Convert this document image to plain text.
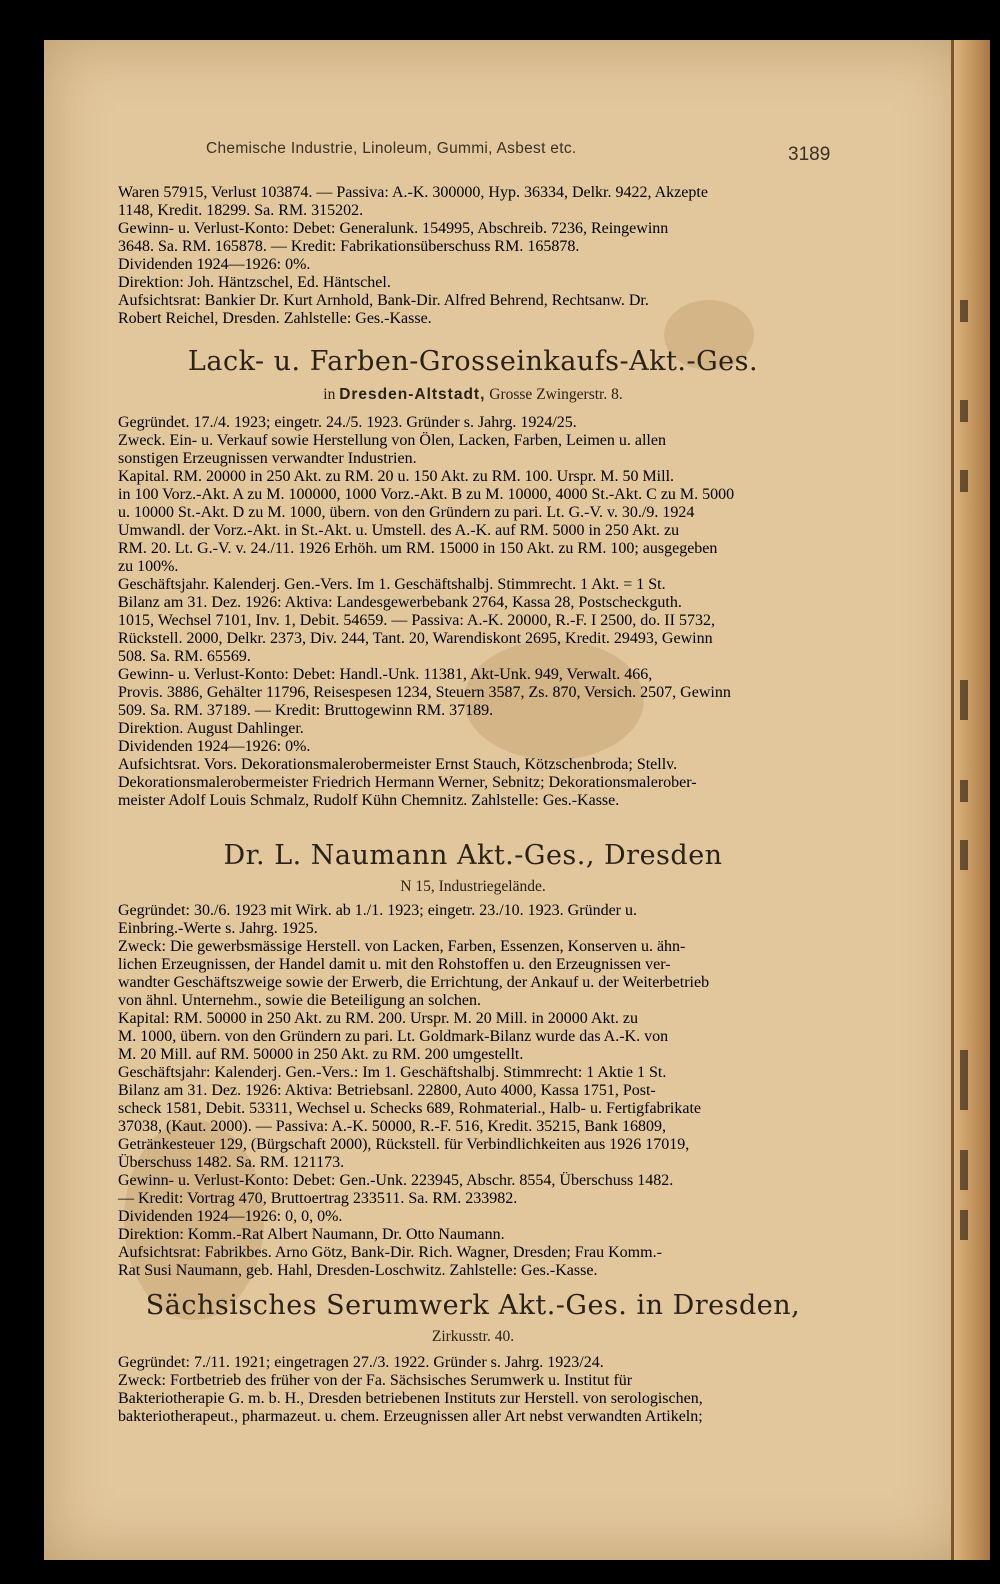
Chemische Industrie, Linoleum, Gummi, Asbest etc.	3189

Waren 57915, Verlust 103874. — Passiva: A.-K. 300000, Hyp. 36334, Delkr. 9422, Akzepte

1148, Kredit. 18299. Sa. RM. 315202.

Gewinn- u. Verlust-Konto: Debet: Generalunk. 154995, Abschreib. 7236, Reingewinn

3648. Sa. RM. 165878. — Kredit: Fabrikationsüberschuss RM. 165878.

Dividenden 1924—1926: 0%.

Direktion: Joh. Häntzschel, Ed. Häntschel.

Aufsichtsrat: Bankier Dr. Kurt Arnhold, Bank-Dir. Alfred Behrend, Rechtsanw. Dr.

Robert Reichel, Dresden. Zahlstelle: Ges.-Kasse.

Lack- u. Farben-Grosseinkaufs-Akt.-Ges.
in Dresden-Altstadt, Grosse Zwingerstr. 8.

Gegründet. 17./4. 1923; eingetr. 24./5. 1923. Gründer s. Jahrg. 1924/25.

Zweck. Ein- u. Verkauf sowie Herstellung von Ölen, Lacken, Farben, Leimen u. allen

sonstigen Erzeugnissen verwandter Industrien.

Kapital. RM. 20000 in 250 Akt. zu RM. 20 u. 150 Akt. zu RM. 100. Urspr. M. 50 Mill.

in 100 Vorz.-Akt. A zu M. 100000, 1000 Vorz.-Akt. B zu M. 10000, 4000 St.-Akt. C zu M. 5000

u. 10000 St.-Akt. D zu M. 1000, übern. von den Gründern zu pari. Lt. G.-V. v. 30./9. 1924

Umwandl. der Vorz.-Akt. in St.-Akt. u. Umstell. des A.-K. auf RM. 5000 in 250 Akt. zu

RM. 20. Lt. G.-V. v. 24./11. 1926 Erhöh. um RM. 15000 in 150 Akt. zu RM. 100; ausgegeben

zu 100%.

Geschäftsjahr. Kalenderj. Gen.-Vers. Im 1. Geschäftshalbj. Stimmrecht. 1 Akt. = 1 St.

Bilanz am 31. Dez. 1926: Aktiva: Landesgewerbebank 2764, Kassa 28, Postscheckguth.

1015, Wechsel 7101, Inv. 1, Debit. 54659. — Passiva: A.-K. 20000, R.-F. I 2500, do. II 5732,

Rückstell. 2000, Delkr. 2373, Div. 244, Tant. 20, Warendiskont 2695, Kredit. 29493, Gewinn

508. Sa. RM. 65569.

Gewinn- u. Verlust-Konto: Debet: Handl.-Unk. 11381, Akt-Unk. 949, Verwalt. 466,

Provis. 3886, Gehälter 11796, Reisespesen 1234, Steuern 3587, Zs. 870, Versich. 2507, Gewinn

509. Sa. RM. 37189. — Kredit: Bruttogewinn RM. 37189.

Direktion. August Dahlinger.

Dividenden 1924—1926: 0%.

Aufsichtsrat. Vors. Dekorationsmalerobermeister Ernst Stauch, Kötzschenbroda; Stellv.

Dekorationsmalerobermeister Friedrich Hermann Werner, Sebnitz; Dekorationsmalerober-

meister Adolf Louis Schmalz, Rudolf Kühn Chemnitz. Zahlstelle: Ges.-Kasse.

Dr. L. Naumann Akt.-Ges., Dresden
N 15, Industriegelände.

Gegründet: 30./6. 1923 mit Wirk. ab 1./1. 1923; eingetr. 23./10. 1923. Gründer u.

Einbring.-Werte s. Jahrg. 1925.

Zweck: Die gewerbsmässige Herstell. von Lacken, Farben, Essenzen, Konserven u. ähn-

lichen Erzeugnissen, der Handel damit u. mit den Rohstoffen u. den Erzeugnissen ver-

wandter Geschäftszweige sowie der Erwerb, die Errichtung, der Ankauf u. der Weiterbetrieb

von ähnl. Unternehm., sowie die Beteiligung an solchen.

Kapital: RM. 50000 in 250 Akt. zu RM. 200. Urspr. M. 20 Mill. in 20000 Akt. zu

M. 1000, übern. von den Gründern zu pari. Lt. Goldmark-Bilanz wurde das A.-K. von

M. 20 Mill. auf RM. 50000 in 250 Akt. zu RM. 200 umgestellt.

Geschäftsjahr: Kalenderj. Gen.-Vers.: Im 1. Geschäftshalbj. Stimmrecht: 1 Aktie 1 St.

Bilanz am 31. Dez. 1926: Aktiva: Betriebsanl. 22800, Auto 4000, Kassa 1751, Post-

scheck 1581, Debit. 53311, Wechsel u. Schecks 689, Rohmaterial., Halb- u. Fertigfabrikate

37038, (Kaut. 2000). — Passiva: A.-K. 50000, R.-F. 516, Kredit. 35215, Bank 16809,

Getränkesteuer 129, (Bürgschaft 2000), Rückstell. für Verbindlichkeiten aus 1926 17019,

Überschuss 1482. Sa. RM. 121173.

Gewinn- u. Verlust-Konto: Debet: Gen.-Unk. 223945, Abschr. 8554, Überschuss 1482.

— Kredit: Vortrag 470, Bruttoertrag 233511. Sa. RM. 233982.

Dividenden 1924—1926: 0, 0, 0%.

Direktion: Komm.-Rat Albert Naumann, Dr. Otto Naumann.

Aufsichtsrat: Fabrikbes. Arno Götz, Bank-Dir. Rich. Wagner, Dresden; Frau Komm.-

Rat Susi Naumann, geb. Hahl, Dresden-Loschwitz. Zahlstelle: Ges.-Kasse.

Sächsisches Serumwerk Akt.-Ges. in Dresden,
Zirkusstr. 40.

Gegründet: 7./11. 1921; eingetragen 27./3. 1922. Gründer s. Jahrg. 1923/24.

Zweck: Fortbetrieb des früher von der Fa. Sächsisches Serumwerk u. Institut für

Bakteriotherapie G. m. b. H., Dresden betriebenen Instituts zur Herstell. von serologischen,

bakteriotherapeut., pharmazeut. u. chem. Erzeugnissen aller Art nebst verwandten Artikeln;
